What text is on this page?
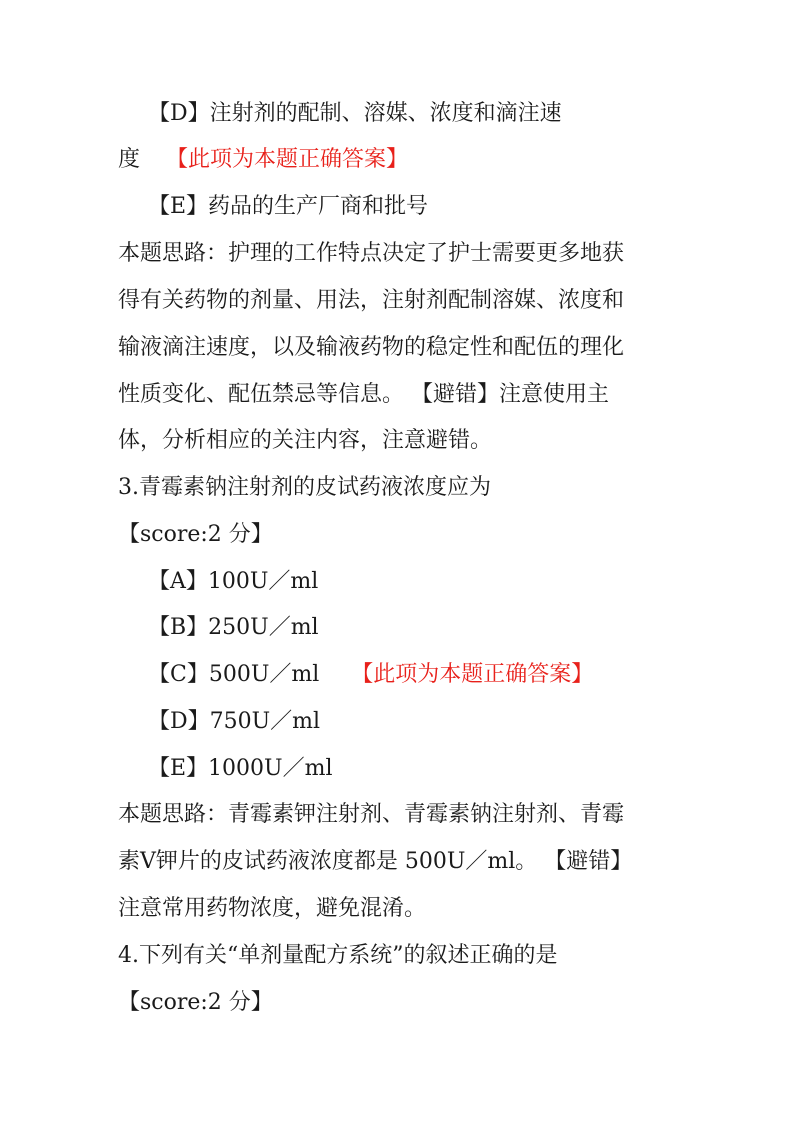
【D】注射剂的配制、溶媒、浓度和滴注速
度 【此项为本题正确答案】
【E】药品的生产厂商和批号
本题思路：护理的工作特点决定了护士需要更多地获
得有关药物的剂量、用法，注射剂配制溶媒、浓度和
输液滴注速度，以及输液药物的稳定性和配伍的理化
性质变化、配伍禁忌等信息。 【避错】注意使用主
体，分析相应的关注内容，注意避错。
3.青霉素钠注射剂的皮试药液浓度应为
【score:2 分】
【A】100U／ml
【B】250U／ml
【C】500U／ml 【此项为本题正确答案】
【D】750U／ml
【E】1000U／ml
本题思路：青霉素钾注射剂、青霉素钠注射剂、青霉
素Ⅴ钾片的皮试药液浓度都是 500U／ml。 【避错】
注意常用药物浓度，避免混淆。
4.下列有关“单剂量配方系统”的叙述正确的是
【score:2 分】
